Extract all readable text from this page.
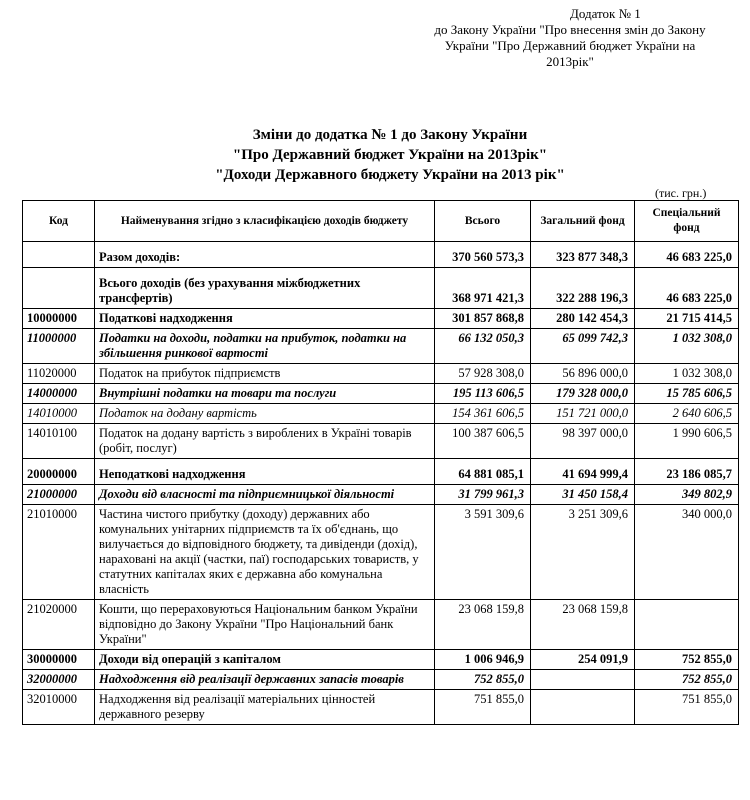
Додаток № 1
до Закону України "Про внесення змін до Закону
України "Про Державний бюджет України на
2013рік"
Зміни до додатка № 1 до Закону України
"Про Державний бюджет України на 2013рік"
"Доходи Державного бюджету України на 2013 рік"
(тис. грн.)
Код	Найменування згідно з класифікацією доходів бюджету	Всього	Загальний фонд	Спеціальний фонд
	Разом доходів:	370 560 573,3	323 877 348,3	46 683 225,0
	Всього доходів (без урахування міжбюджетних трансфертів)	368 971 421,3	322 288 196,3	46 683 225,0
10000000	Податкові надходження	301 857 868,8	280 142 454,3	21 715 414,5
11000000	Податки на доходи, податки на прибуток, податки на збільшення ринкової вартості	66 132 050,3	65 099 742,3	1 032 308,0
11020000	Податок на прибуток підприємств	57 928 308,0	56 896 000,0	1 032 308,0
14000000	Внутрішні податки на товари та послуги	195 113 606,5	179 328 000,0	15 785 606,5
14010000	Податок на додану вартість	154 361 606,5	151 721 000,0	2 640 606,5
14010100	Податок на додану вартість з вироблених в Україні товарів (робіт, послуг)	100 387 606,5	98 397 000,0	1 990 606,5
20000000	Неподаткові надходження	64 881 085,1	41 694 999,4	23 186 085,7
21000000	Доходи від власності та підприємницької діяльності	31 799 961,3	31 450 158,4	349 802,9
21010000	Частина чистого прибутку (доходу) державних або комунальних унітарних підприємств та їх об'єднань, що вилучається до відповідного бюджету, та дивіденди (дохід), нараховані на акції (частки, паї) господарських товариств, у статутних капіталах яких є державна або комунальна власність	3 591 309,6	3 251 309,6	340 000,0
21020000	Кошти, що перераховуються Національним банком України відповідно до Закону України "Про Національний банк України"	23 068 159,8	23 068 159,8	
30000000	Доходи від операцій з капіталом	1 006 946,9	254 091,9	752 855,0
32000000	Надходження від реалізації державних запасів товарів	752 855,0		752 855,0
32010000	Надходження від реалізації матеріальних цінностей державного резерву	751 855,0		751 855,0
